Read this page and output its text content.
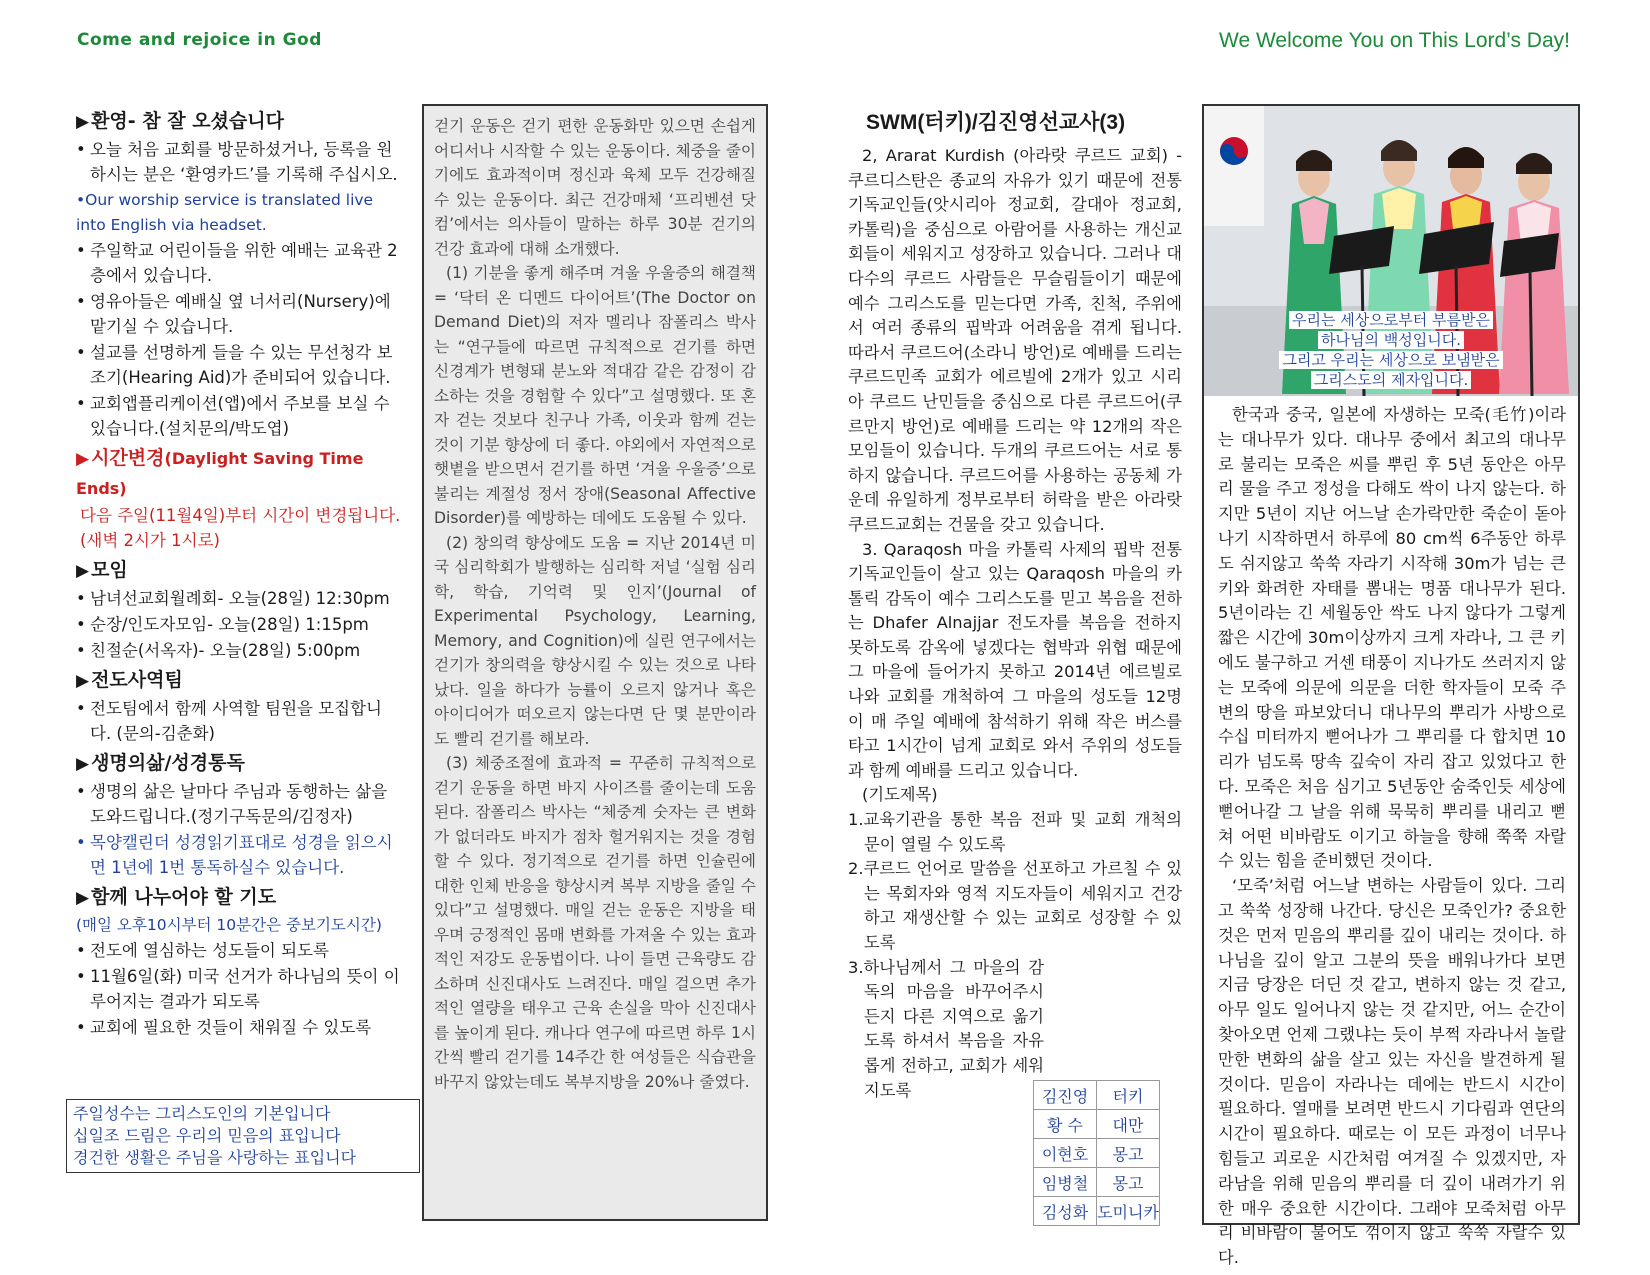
Come and rejoice in God	We Welcome You on This Lord’s Day!
▶ 환영- 참 잘 오셨습니다
• 오늘 처음 교회를 방문하셨거나, 등록을 원하시는 분은 ‘환영카드’를 기록해 주십시오.
•Our worship service is translated live into English via headset.
• 주일학교 어린이들을 위한 예배는 교육관 2층에서 있습니다.
• 영유아들은 예배실 옆 너서리(Nursery)에 맡기실 수 있습니다.
• 설교를 선명하게 들을 수 있는 무선청각 보조기(Hearing Aid)가 준비되어 있습니다.
• 교회앱플리케이션(앱)에서 주보를 보실 수 있습니다.(설치문의/박도엽)
▶ 시간변경(Daylight Saving Time Ends)
다음 주일(11월4일)부터 시간이 변경됩니다. (새벽 2시가 1시로)
▶ 모임
• 남녀선교회월례회- 오늘(28일) 12:30pm
• 순장/인도자모임- 오늘(28일) 1:15pm
• 친절순(서옥자)- 오늘(28일) 5:00pm
▶ 전도사역팀
• 전도팀에서 함께 사역할 팀원을 모집합니다. (문의-김춘화)
▶ 생명의삶/성경통독
• 생명의 삶은 날마다 주님과 동행하는 삶을 도와드립니다.(정기구독문의/김정자)
• 목양캘린더 성경읽기표대로 성경을 읽으시면 1년에 1번 통독하실수 있습니다.
▶ 함께 나누어야 할 기도
(매일 오후10시부터 10분간은 중보기도시간)
• 전도에 열심하는 성도들이 되도록
• 11월6일(화) 미국 선거가 하나님의 뜻이 이루어지는 결과가 되도록
• 교회에 필요한 것들이 채워질 수 있도록
주일성수는 그리스도인의 기본입니다
십일조 드림은 우리의 믿음의 표입니다
경건한 생활은 주님을 사랑하는 표입니다

걷기 운동은 걷기 편한 운동화만 있으면 손쉽게 어디서나 시작할 수 있는 운동이다. 체중을 줄이기에도 효과적이며 정신과 육체 모두 건강해질 수 있는 운동이다. 최근 건강매체 ‘프리벤션 닷컴’에서는 의사들이 말하는 하루 30분 걷기의 건강 효과에 대해 소개했다.

(1) 기분을 좋게 해주며 겨울 우울증의 해결책 = ‘닥터 온 디멘드 다이어트’(The Doctor on Demand Diet)의 저자 멜리나 잠폴리스 박사는 “연구들에 따르면 규칙적으로 걷기를 하면 신경계가 변형돼 분노와 적대감 같은 감정이 감소하는 것을 경험할 수 있다”고 설명했다. 또 혼자 걷는 것보다 친구나 가족, 이웃과 함께 걷는 것이 기분 향상에 더 좋다. 야외에서 자연적으로 햇볕을 받으면서 걷기를 하면 ‘겨울 우울증’으로 불리는 계절성 정서 장애(Seasonal Affective Disorder)를 예방하는 데에도 도움될 수 있다.

(2) 창의력 향상에도 도움 = 지난 2014년 미국 심리학회가 발행하는 심리학 저널 ‘실험 심리학, 학습, 기억력 및 인지’(Journal of Experimental Psychology, Learning, Memory, and Cognition)에 실린 연구에서는 걷기가 창의력을 향상시킬 수 있는 것으로 나타났다. 일을 하다가 능률이 오르지 않거나 혹은 아이디어가 떠오르지 않는다면 단 몇 분만이라도 빨리 걷기를 해보라.

(3) 체중조절에 효과적 = 꾸준히 규칙적으로 걷기 운동을 하면 바지 사이즈를 줄이는데 도움된다. 잠폴리스 박사는 “체중계 숫자는 큰 변화가 없더라도 바지가 점차 헐거워지는 것을 경험할 수 있다. 정기적으로 걷기를 하면 인슐린에 대한 인체 반응을 향상시켜 복부 지방을 줄일 수 있다”고 설명했다. 매일 걷는 운동은 지방을 태우며 긍정적인 몸매 변화를 가져올 수 있는 효과적인 저강도 운동법이다. 나이 들면 근육량도 감소하며 신진대사도 느려진다. 매일 걸으면 추가적인 열량을 태우고 근육 손실을 막아 신진대사를 높이게 된다. 캐나다 연구에 따르면 하루 1시간씩 빨리 걷기를 14주간 한 여성들은 식습관을 바꾸지 않았는데도 복부지방을 20%나 줄였다.

SWM(터키)/김진영선교사(3)

2, Ararat Kurdish (아라랏 쿠르드 교회) - 쿠르디스탄은 종교의 자유가 있기 때문에 전통 기독교인들(앗시리아 정교회, 갈대아 정교회, 카톨릭)을 중심으로 아람어를 사용하는 개신교회들이 세워지고 성장하고 있습니다. 그러나 대다수의 쿠르드 사람들은 무슬림들이기 때문에 예수 그리스도를 믿는다면 가족, 친척, 주위에서 여러 종류의 핍박과 어려움을 겪게 됩니다. 따라서 쿠르드어(소라니 방언)로 예배를 드리는 쿠르드민족 교회가 에르빌에 2개가 있고 시리아 쿠르드 난민들을 중심으로 다른 쿠르드어(쿠르만지 방언)로 예배를 드리는 약 12개의 작은 모임들이 있습니다. 두개의 쿠르드어는 서로 통하지 않습니다. 쿠르드어를 사용하는 공동체 가운데 유일하게 정부로부터 허락을 받은 아라랏 쿠르드교회는 건물을 갖고 있습니다.

3. Qaraqosh 마을 카톨릭 사제의 핍박 전통 기독교인들이 살고 있는 Qaraqosh 마을의 카톨릭 감독이 예수 그리스도를 믿고 복음을 전하는 Dhafer Alnajjar 전도자를 복음을 전하지 못하도록 감옥에 넣겠다는 협박과 위협 때문에 그 마을에 들어가지 못하고 2014년 에르빌로 나와 교회를 개척하여 그 마을의 성도들 12명이 매 주일 예배에 참석하기 위해 작은 버스를 타고 1시간이 넘게 교회로 와서 주위의 성도들과 함께 예배를 드리고 있습니다.

(기도제목)

1.교육기관을 통한 복음 전파 및 교회 개척의 문이 열릴 수 있도록

2.쿠르드 언어로 말씀을 선포하고 가르칠 수 있는 목회자와 영적 지도자들이 세워지고 건강하고 재생산할 수 있는 교회로 성장할 수 있도록

3.하나님께서 그 마을의 감독의 마음을 바꾸어주시든지 다른 지역으로 옮기도록 하셔서 복음을 자유롭게 전하고, 교회가 세워지도록	김진영	터키
황 수	대만
이현호	몽고
임병철	몽고
김성화	도미니카
우리는 세상으로부터 부름받은
하나님의 백성입니다.
그리고 우리는 세상으로 보냄받은
그리스도의 제자입니다.

한국과 중국, 일본에 자생하는 모죽(毛竹)이라는 대나무가 있다. 대나무 중에서 최고의 대나무로 불리는 모죽은 씨를 뿌린 후 5년 동안은 아무리 물을 주고 정성을 다해도 싹이 나지 않는다. 하지만 5년이 지난 어느날 손가락만한 죽순이 돋아나기 시작하면서 하루에 80 cm씩 6주동안 하루도 쉬지않고 쑥쑥 자라기 시작해 30m가 넘는 큰 키와 화려한 자태를 뽐내는 명품 대나무가 된다. 5년이라는 긴 세월동안 싹도 나지 않다가 그렇게 짧은 시간에 30m이상까지 크게 자라나, 그 큰 키에도 불구하고 거센 태풍이 지나가도 쓰러지지 않는 모죽에 의문에 의문을 더한 학자들이 모죽 주변의 땅을 파보았더니 대나무의 뿌리가 사방으로 수십 미터까지 뻗어나가 그 뿌리를 다 합치면 10리가 넘도록 땅속 깊숙이 자리 잡고 있었다고 한다. 모죽은 처음 심기고 5년동안 숨죽인듯 세상에 뻗어나갈 그 날을 위해 묵묵히 뿌리를 내리고 뻗쳐 어떤 비바람도 이기고 하늘을 향해 쭉쭉 자랄 수 있는 힘을 준비했던 것이다.

‘모죽’처럼 어느날 변하는 사람들이 있다. 그리고 쑥쑥 성장해 나간다. 당신은 모죽인가? 중요한 것은 먼저 믿음의 뿌리를 깊이 내리는 것이다. 하나님을 깊이 알고 그분의 뜻을 배워나가다 보면 지금 당장은 더딘 것 같고, 변하지 않는 것 같고, 아무 일도 일어나지 않는 것 같지만, 어느 순간이 찾아오면 언제 그랬냐는 듯이 부쩍 자라나서 놀랄만한 변화의 삶을 살고 있는 자신을 발견하게 될것이다. 믿음이 자라나는 데에는 반드시 시간이 필요하다. 열매를 보려면 반드시 기다림과 연단의 시간이 필요하다. 때로는 이 모든 과정이 너무나 힘들고 괴로운 시간처럼 여겨질 수 있겠지만, 자라남을 위해 믿음의 뿌리를 더 깊이 내려가기 위한 매우 중요한 시간이다. 그래야 모죽처럼 아무리 비바람이 불어도 꺾이지 않고 쑥쑥 자랄수 있다.
